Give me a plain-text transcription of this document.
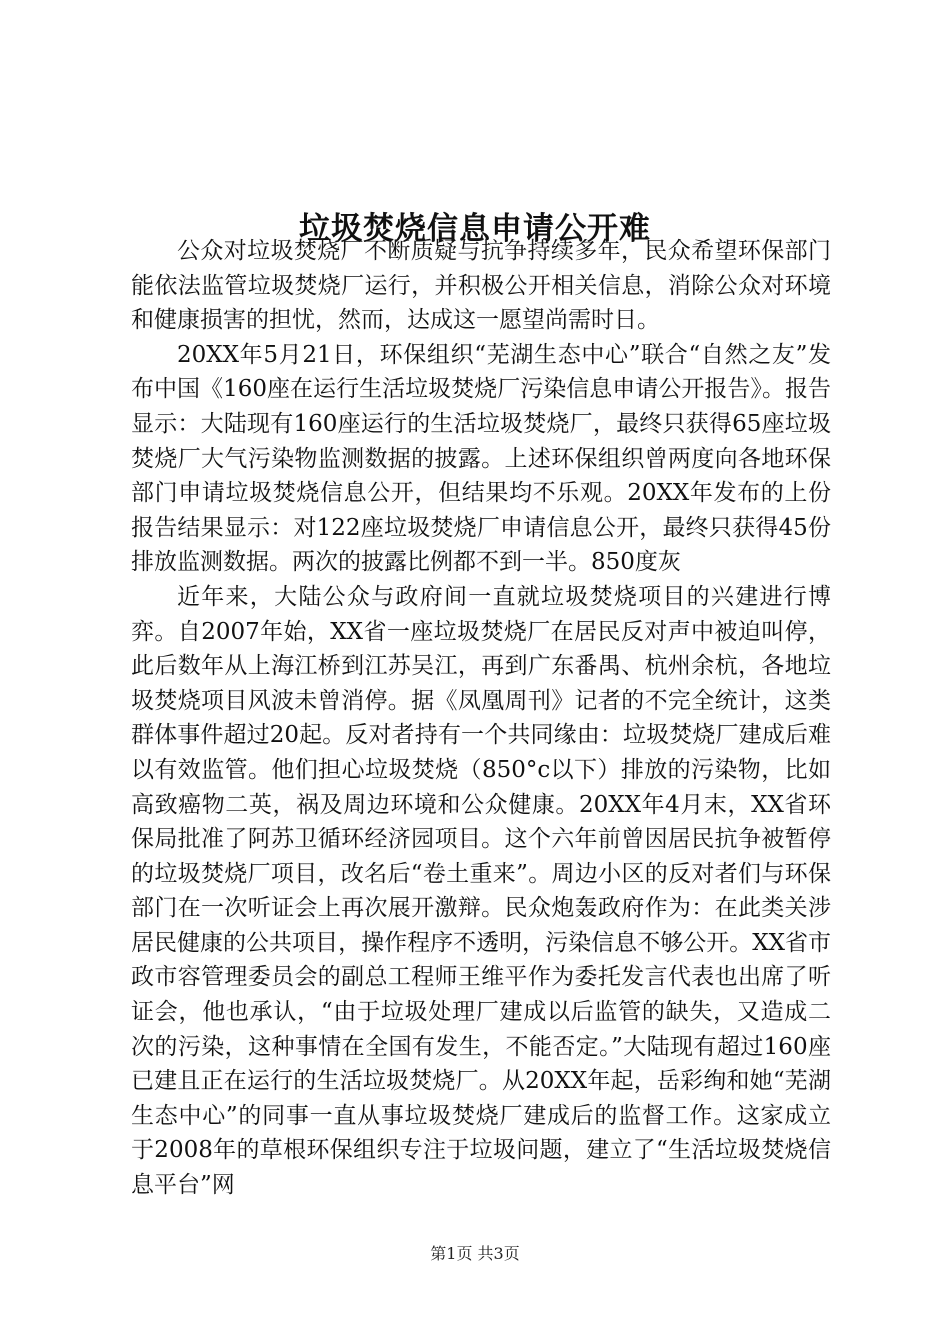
垃圾焚烧信息申请公开难

公众对垃圾焚烧厂不断质疑与抗争持续多年，民众希望环保部门能依法监管垃圾焚烧厂运行，并积极公开相关信息，消除公众对环境和健康损害的担忧，然而，达成这一愿望尚需时日。

20XX年5月21日，环保组织“芜湖生态中心”联合“自然之友”发布中国《160座在运行生活垃圾焚烧厂污染信息申请公开报告》。报告显示：大陆现有160座运行的生活垃圾焚烧厂，最终只获得65座垃圾焚烧厂大气污染物监测数据的披露。上述环保组织曾两度向各地环保部门申请垃圾焚烧信息公开，但结果均不乐观。20XX年发布的上份报告结果显示：对122座垃圾焚烧厂申请信息公开，最终只获得45份排放监测数据。两次的披露比例都不到一半。850度灰

近年来，大陆公众与政府间一直就垃圾焚烧项目的兴建进行博弈。自2007年始，XX省一座垃圾焚烧厂在居民反对声中被迫叫停，此后数年从上海江桥到江苏吴江，再到广东番禺、杭州余杭，各地垃圾焚烧项目风波未曾消停。据《凤凰周刊》记者的不完全统计，这类群体事件超过20起。反对者持有一个共同缘由：垃圾焚烧厂建成后难以有效监管。他们担心垃圾焚烧（850°c以下）排放的污染物，比如高致癌物二英，祸及周边环境和公众健康。20XX年4月末，XX省环保局批准了阿苏卫循环经济园项目。这个六年前曾因居民抗争被暂停的垃圾焚烧厂项目，改名后“卷土重来”。周边小区的反对者们与环保部门在一次听证会上再次展开激辩。民众炮轰政府作为：在此类关涉居民健康的公共项目，操作程序不透明，污染信息不够公开。XX省市政市容管理委员会的副总工程师王维平作为委托发言代表也出席了听证会，他也承认，“由于垃圾处理厂建成以后监管的缺失，又造成二次的污染，这种事情在全国有发生，不能否定。”大陆现有超过160座已建且正在运行的生活垃圾焚烧厂。从20XX年起，岳彩绚和她“芜湖生态中心”的同事一直从事垃圾焚烧厂建成后的监督工作。这家成立于2008年的草根环保组织专注于垃圾问题，建立了“生活垃圾焚烧信息平台”网

第1页 共3页
